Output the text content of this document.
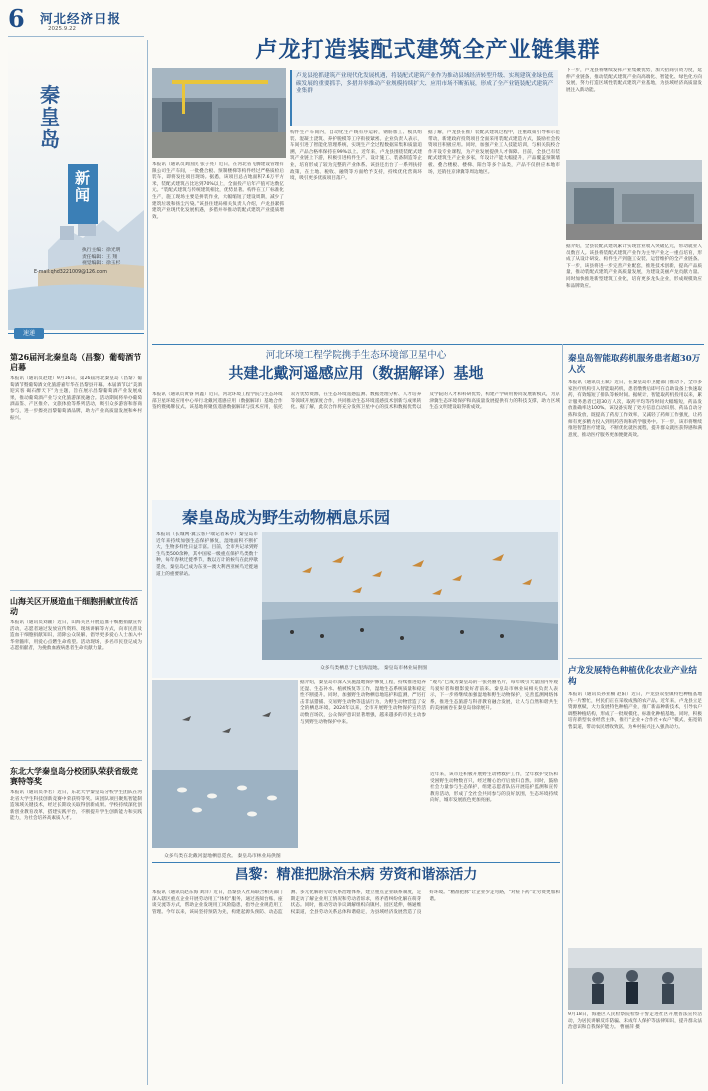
6 河北经济日报
2025.9.22
秦皇岛
新闻
执行主编：徐光明
责任编辑：王 翔
视觉编辑：徐玉杉
E-mail:qhd3221009@126.com
速递
第26届河北秦皇岛（昌黎）葡萄酒节启幕
本报讯（通讯员赵建）9月16日，第26届河北秦皇岛（昌黎）葡萄酒节暨葡萄酒文化旅游嘉年华在昌黎县开幕。本届酒节以“美酒迎宾客 碣石醉天下”为主题，旨在展示昌黎葡萄酒产业发展成果，推动葡萄酒产业与文化旅游深度融合。活动期间将举办葡萄酒品鉴、产区推介、文旅体验等系列活动，吸引众多游客和客商参与，进一步擦亮昌黎葡萄酒品牌，助力产业高质量发展和乡村振兴。
山海关区开展造血干细胞捐献宣传活动
本报讯（通讯员刘颖）近日，山海关区开展造血干细胞捐献宣传活动，志愿者通过发放宣传资料、现场讲解等方式，向市民普及造血干细胞捐献知识，消除公众误解，倡导更多爱心人士加入中华骨髓库，用爱心点燃生命希望。活动现场，多名市民登记成为志愿捐献者，为挽救血液病患者生命贡献力量。
东北大学秦皇岛分校团队荣获省级竞赛特等奖
本报讯（通讯员李若）近日，东北大学秦皇岛分校学生团队在河北省大学生科技创新竞赛中荣获特等奖。该团队项目聚焦智能制造领域关键技术，经过长期攻关取得创新成果。学校持续深化创新创业教育改革，搭建实践平台，不断提升学生创新能力和实践能力，为社会培养高素质人才。
卢龙打造装配式建筑全产业链集群
卢龙县抢抓建筑产业现代化发展机遇，将装配式建筑产业作为推动县域经济转型升级、实现建筑业绿色低碳发展的重要抓手，多措并举推动产业规模持续扩大、应用市场不断拓展，形成了全产业链装配式建筑产业集群
本报讯（通讯员刘国民 张子亮）近日，在河北省飞腾建设管理有限公司生产车间，一批叠合板、预制楼梯等构件经过严格质检后装车，即将发往项目现场。据悉，该项目总占地面积7.6万平方米，装配式建筑占比达到70%以上，全面投产后年产值可达数亿元。“装配式建筑与传统建筑相比，优势显著。构件在工厂标准化生产，施工现场主要是拼装作业，大幅缩短了建设周期，减少了建筑垃圾和扬尘污染。”该县住建局相关负责人介绍，卢龙县紧抓建筑产业现代化发展机遇，多措并举推动装配式建筑产业提质增效。
构件生产车间内，自动化生产线有序运转，钢筋加工、模具组装、混凝土浇筑、养护脱模等工序衔接紧密。企业负责人表示，车间引进了智能化管理系统，实现生产全过程数据采集和质量追溯，产品合格率保持在99%以上。近年来，卢龙县围绕装配式建筑产业链上下游，积极引进构件生产、设计施工、装备制造等企业，培育形成了较为完整的产业体系。该县还出台了一系列扶持政策，在土地、税收、融资等方面给予支持，持续优化营商环境，吸引更多优质项目落户。
据了解，卢龙县在推广装配式建筑过程中，注重政策引导和示范带动，新建政府投资项目全面采用装配式建造方式，鼓励社会投资项目积极应用。同时，加强产业工人技能培训，与相关院校合作开设专业课程，为产业发展提供人才保障。目前，全县已有装配式建筑生产企业多家，年设计产能大幅提升，产品覆盖预制墙板、叠合楼板、楼梯、阳台等多个品类，产品不仅供应本地市场，还销往京津冀等周边地区。
下一步，卢龙县将继续发挥产业集聚优势，加大招商引资力度，延伸产业链条，推动装配式建筑产业向高端化、智能化、绿色化方向发展，努力打造区域性装配式建筑产业基地，为县域经济高质量发展注入新动能。
据介绍，全县装配式建筑累计实现营业收入突破亿元，带动就业人员数百人。该县将装配式建筑产业作为主导产业之一重点培育，形成了从设计研发、构件生产到施工安装、运营维护的全产业链条。下一步，该县将进一步完善产业配套，推进技术创新，提高产品质量，推动装配式建筑产业高质量发展，为建设美丽卢龙贡献力量。同时加快推进新型建筑工业化，培育更多龙头企业，形成规模效应和品牌效应。
河北环境工程学院携手生态环境部卫星中心
共建北戴河遥感应用（数据解译）基地
本报讯（通讯员黄睿 何鑫）近日，河北环境工程学院与生态环境部卫星环境应用中心举行北戴河遥感应用（数据解译）基地合作签约暨揭牌仪式。该基地将聚焦遥感数据解译与技术应用，依托双方优势资源，在生态环境遥感监测、数据处理分析、人才培养等领域开展深度合作，共同推动生态环境遥感技术创新与成果转化。据了解，此次合作将充分发挥卫星中心的技术和数据优势以及学院的人才和科研优势，构建产学研用协同发展新模式，为京津冀生态环境保护和高质量发展提供有力的科技支撑，助力区域生态文明建设取得新成效。
秦皇岛智能取药机服务患者超30万人次
本报讯（通讯员王斌）近日，在秦皇岛市卫健部门推动下，全市多家医疗机构引入智能取药机，患者缴费后即可在自助设备上快速取药，有效缩短了排队等候时间。据统计，智能取药机投用以来，累计服务患者已超30万人次，取药平均等待时间大幅缩短，药品发放准确率达100%。该设备实现了处方信息自动识别、药品自动分拣和发放，既提高了药房工作效率，又减轻了药师工作强度，让药师有更多精力投入到用药咨询和药学服务中。下一步，该市将继续推进智慧医疗建设，不断优化就医流程，提升群众就医获得感和满意度，推动医疗服务更加便捷高效。
卢龙发展特色种植优化农业产业结构
本报讯（通讯员孙亚楠 赵阳）近日，卢龙县双望镇特色种植基地内一片繁忙，村民们正在采收成熟的农产品。近年来，卢龙县立足资源禀赋，大力发展特色种植产业，推广新品种新技术，引导农户调整种植结构，形成了一批规模化、标准化种植基地。同时，积极培育新型农业经营主体，推行“企业+合作社+农户”模式，拓宽销售渠道，带动农民增收致富，为乡村振兴注入强劲动力。
秦皇岛成为野生动物栖息乐园
本报讯（长城网·冀云客户端记者朱亭）秦皇岛市近年来持续加强生态保护修复，湿地面积不断扩大，生物多样性日益丰富。目前，全市共记录到野生鸟类500余种，其中国家一级重点保护鸟类数十种，每年春秋迁徙季节，数以万计的候鸟在此停歇觅食，秦皇岛已成为东亚—澳大利西亚候鸟迁徙通道上的重要驿站。
众多鸟类栖息于七里海湿地。 秦皇岛市林业局供图
众多鸟类在北戴河湿地栖息觅食。 秦皇岛市林业局供图
据介绍，秦皇岛市深入实施湿地保护修复工程，持续推进退养还湿、生态补水、植被恢复等工作，湿地生态系统质量和稳定性不断提升。同时，加强野生动物栖息地巡护和监测，严厉打击非法猎捕、交易野生动物等违法行为，为野生动物营造了安全的栖息环境。2024年以来，全市开展野生动物保护宣传活动数百场次，公众保护意识显著增强，越来越多的市民主动参与到野生动物保护中来。
“观鸟”已成为秦皇岛的一张亮丽名片，每年吸引大量国内外观鸟爱好者和摄影爱好者前来。秦皇岛市林业局相关负责人表示，下一步将继续加强湿地和野生动物保护，完善监测网络体系，推进生态旅游与科普教育融合发展，让人与自然和谐共生的美丽画卷在秦皇岛徐徐展开。
近年来，该市还积极开展野生动物救护工作，全年救护受伤和受困野生动物数百只，经过精心治疗后放归自然。同时，鼓励社会力量参与生态保护，组建志愿者队伍开展巡护监测和宣传教育活动，形成了全社会共同参与的良好氛围，生态环境持续向好，城市发展底色更加亮丽。
昌黎：精准把脉治未病 劳资和谐添活力
本报讯（通讯员赵东海 刘洋）近日，昌黎县人社局联合相关部门深入辖区重点企业开展劳动用工“体检”服务，通过查阅台账、座谈交流等方式，帮助企业发现用工风险隐患，指导企业规范用工管理。今年以来，该局坚持预防为先，构建起源头预防、动态监测、多元化解的劳动关系治理体系，建立重点企业联系制度，定期走访了解企业用工情况和劳动者诉求，将矛盾纠纷化解在萌芽状态。同时，推动劳动争议调解组织向镇村、园区延伸，畅通维权渠道，全县劳动关系总体和谐稳定，为县域经济发展营造了良好环境。“精准把脉”让企业少走弯路，“对症下药”让劳资更加和谐。
9月18日，海港区人民检察院检察干警走进社区开展普法宣传活动，为居民讲解反诈防骗、未成年人保护等法律知识，提升群众法治意识和自我保护能力。 曹丽萍 摄
